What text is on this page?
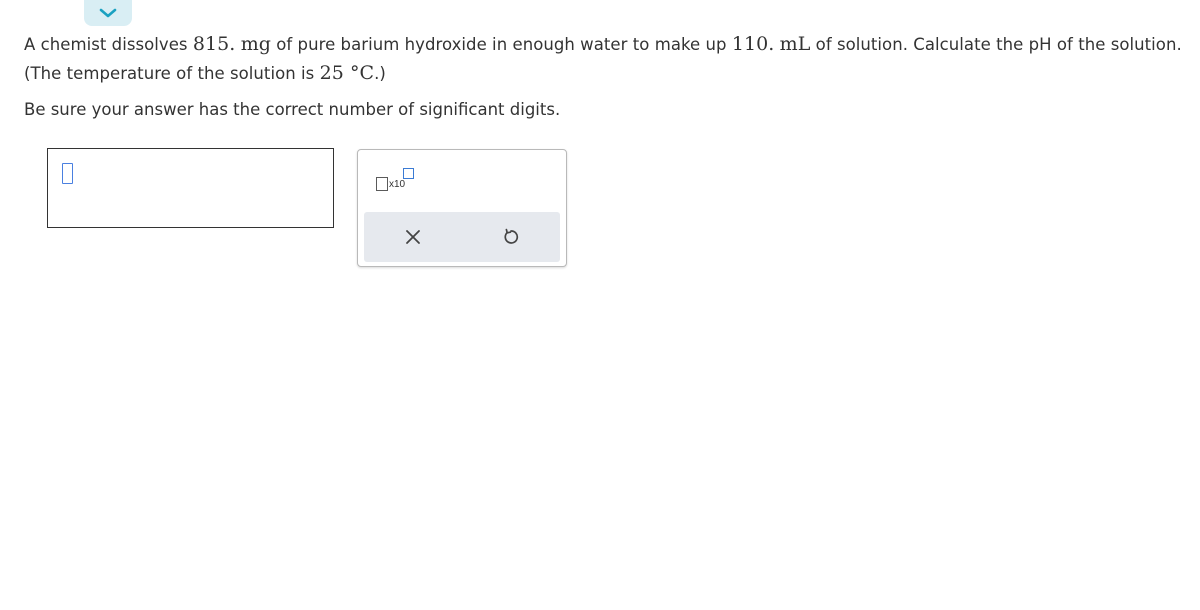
A chemist dissolves 815. mg of pure barium hydroxide in enough water to make up 110. mL of solution. Calculate the pH of the solution. (The temperature of the solution is 25 °C.)
Be sure your answer has the correct number of significant digits.
x10
